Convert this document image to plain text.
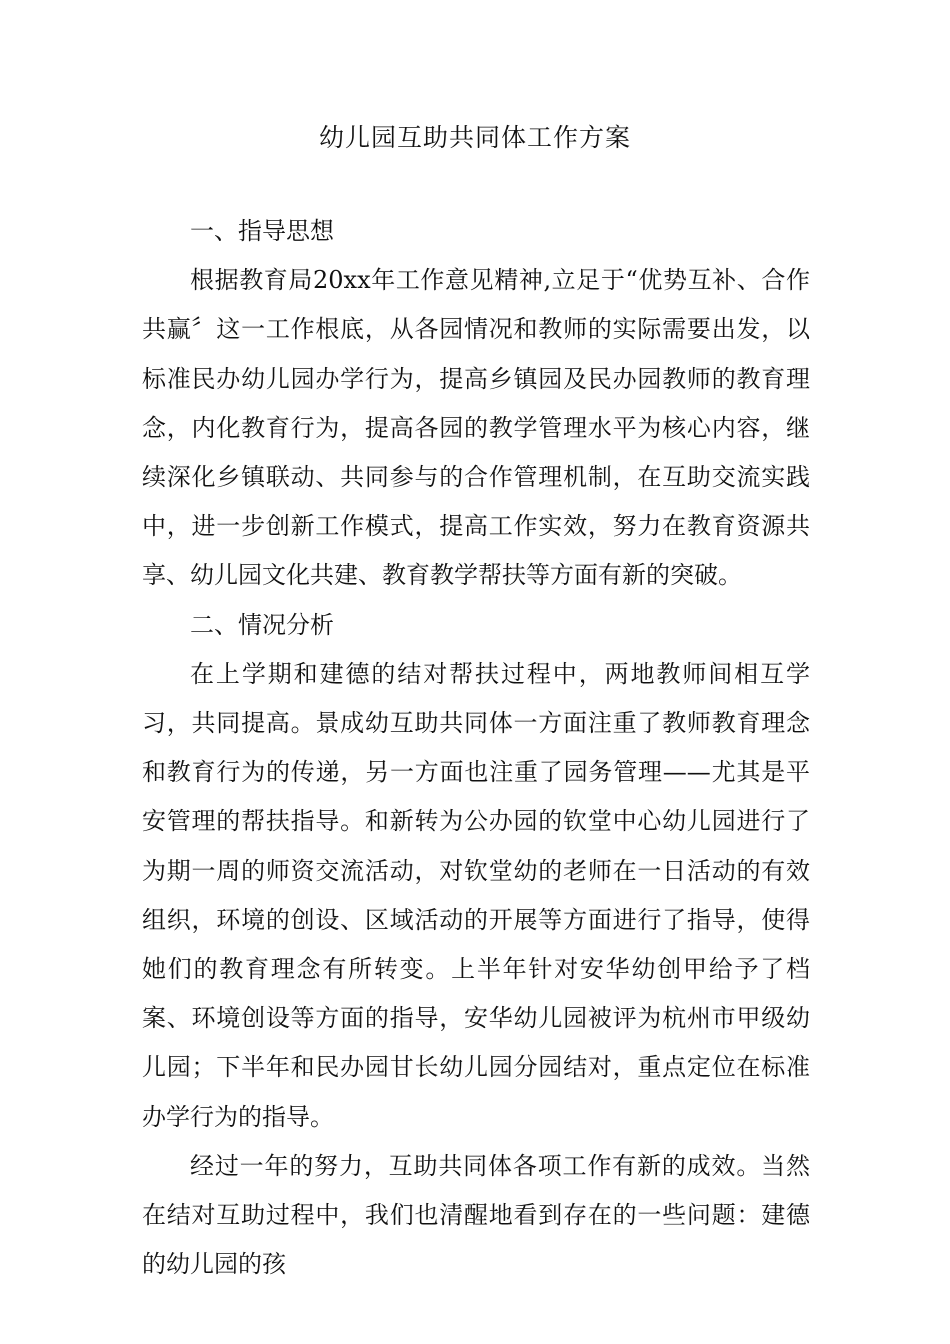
幼儿园互助共同体工作方案

一、指导思想

根据教育局20xx年工作意见精神,立足于“优势互补、合作共赢〞这一工作根底，从各园情况和教师的实际需要出发，以标准民办幼儿园办学行为，提高乡镇园及民办园教师的教育理念，内化教育行为，提高各园的教学管理水平为核心内容，继续深化乡镇联动、共同参与的合作管理机制，在互助交流实践中，进一步创新工作模式，提高工作实效，努力在教育资源共享、幼儿园文化共建、教育教学帮扶等方面有新的突破。

二、情况分析

在上学期和建德的结对帮扶过程中，两地教师间相互学习，共同提高。景成幼互助共同体一方面注重了教师教育理念和教育行为的传递，另一方面也注重了园务管理——尤其是平安管理的帮扶指导。和新转为公办园的钦堂中心幼儿园进行了为期一周的师资交流活动，对钦堂幼的老师在一日活动的有效组织，环境的创设、区域活动的开展等方面进行了指导，使得她们的教育理念有所转变。上半年针对安华幼创甲给予了档案、环境创设等方面的指导，安华幼儿园被评为杭州市甲级幼儿园；下半年和民办园甘长幼儿园分园结对，重点定位在标准办学行为的指导。

经过一年的努力，互助共同体各项工作有新的成效。当然在结对互助过程中，我们也清醒地看到存在的一些问题：建德的幼儿园的孩
